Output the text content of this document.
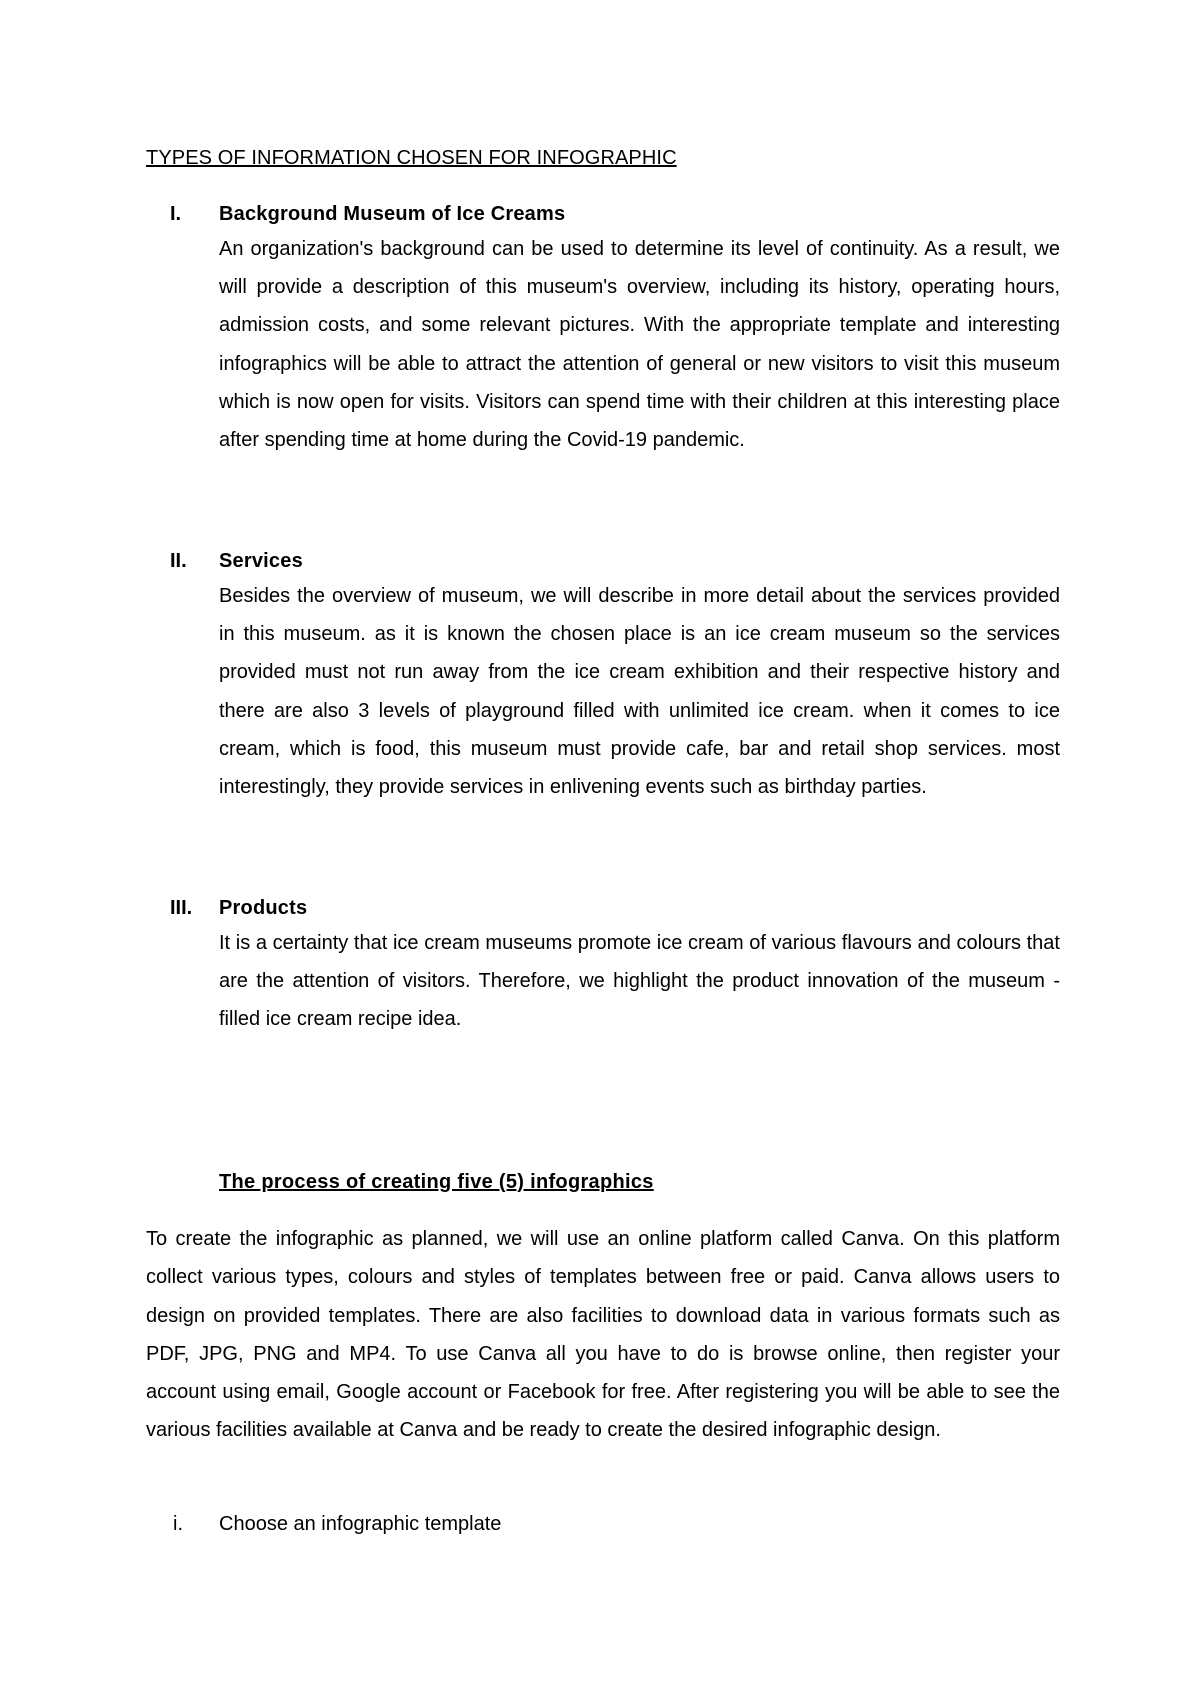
TYPES OF INFORMATION CHOSEN FOR INFOGRAPHIC
I. Background Museum of Ice Creams

An organization's background can be used to determine its level of continuity. As a result, we will provide a description of this museum's overview, including its history, operating hours, admission costs, and some relevant pictures. With the appropriate template and interesting infographics will be able to attract the attention of general or new visitors to visit this museum which is now open for visits. Visitors can spend time with their children at this interesting place after spending time at home during the Covid-19 pandemic.

II. Services

Besides the overview of museum, we will describe in more detail about the services provided in this museum. as it is known the chosen place is an ice cream museum so the services provided must not run away from the ice cream exhibition and their respective history and there are also 3 levels of playground filled with unlimited ice cream. when it comes to ice cream, which is food, this museum must provide cafe, bar and retail shop services. most interestingly, they provide services in enlivening events such as birthday parties.

III. Products

It is a certainty that ice cream museums promote ice cream of various flavours and colours that are the attention of visitors. Therefore, we highlight the product innovation of the museum -filled ice cream recipe idea.

The process of creating five (5) infographics

To create the infographic as planned, we will use an online platform called Canva. On this platform collect various types, colours and styles of templates between free or paid. Canva allows users to design on provided templates. There are also facilities to download data in various formats such as PDF, JPG, PNG and MP4. To use Canva all you have to do is browse online, then register your account using email, Google account or Facebook for free. After registering you will be able to see the various facilities available at Canva and be ready to create the desired infographic design.

i. Choose an infographic template
